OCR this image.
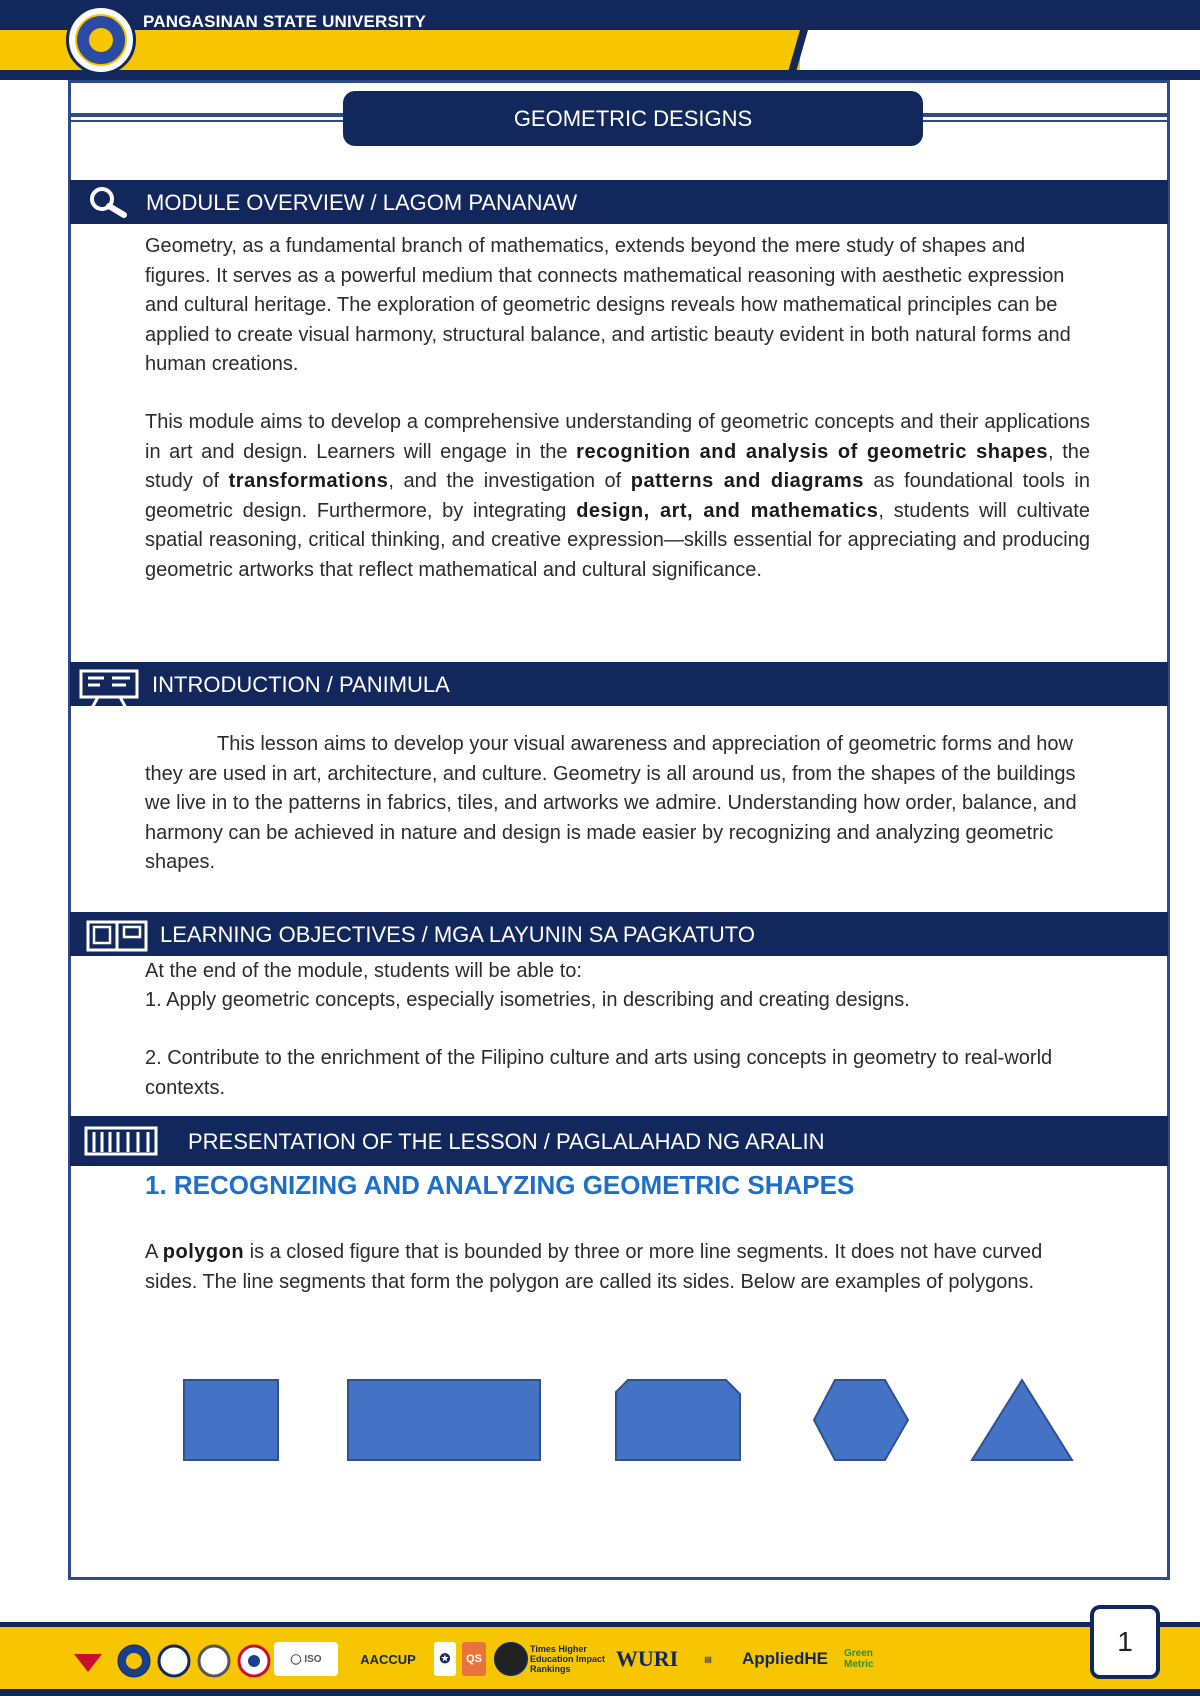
PANGASINAN STATE UNIVERSITY
GEOMETRIC DESIGNS
MODULE OVERVIEW / LAGOM PANANAW
Geometry, as a fundamental branch of mathematics, extends beyond the mere study of shapes and figures. It serves as a powerful medium that connects mathematical reasoning with aesthetic expression and cultural heritage. The exploration of geometric designs reveals how mathematical principles can be applied to create visual harmony, structural balance, and artistic beauty evident in both natural forms and human creations.
This module aims to develop a comprehensive understanding of geometric concepts and their applications in art and design. Learners will engage in the recognition and analysis of geometric shapes, the study of transformations, and the investigation of patterns and diagrams as foundational tools in geometric design. Furthermore, by integrating design, art, and mathematics, students will cultivate spatial reasoning, critical thinking, and creative expression—skills essential for appreciating and producing geometric artworks that reflect mathematical and cultural significance.
INTRODUCTION / PANIMULA
This lesson aims to develop your visual awareness and appreciation of geometric forms and how they are used in art, architecture, and culture. Geometry is all around us, from the shapes of the buildings we live in to the patterns in fabrics, tiles, and artworks we admire. Understanding how order, balance, and harmony can be achieved in nature and design is made easier by recognizing and analyzing geometric shapes.
LEARNING OBJECTIVES / MGA LAYUNIN SA PAGKATUTO
At the end of the module, students will be able to:
1. Apply geometric concepts, especially isometries, in describing and creating designs.
2. Contribute to the enrichment of the Filipino culture and arts using concepts in geometry to real-world contexts.
PRESENTATION OF THE LESSON / PAGLALAHAD NG ARALIN
1. RECOGNIZING AND ANALYZING GEOMETRIC SHAPES
A polygon is a closed figure that is bounded by three or more line segments. It does not have curved sides. The line segments that form the polygon are called its sides. Below are examples of polygons.
1
◯ ISO	AACCUP	✪	QS
Times Higher Education Impact Rankings	WURI	▤	AppliedHE	Green Metric
